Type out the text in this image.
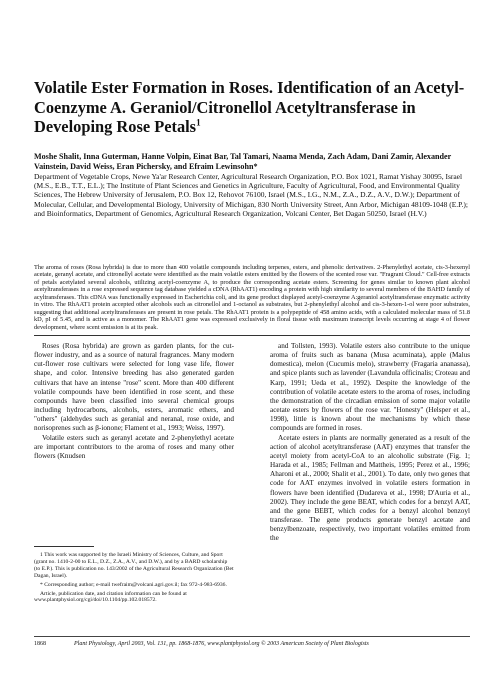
Volatile Ester Formation in Roses. Identification of an Acetyl-Coenzyme A. Geraniol/Citronellol Acetyltransferase in Developing Rose Petals$^1$
Moshe Shalit, Inna Guterman, Hanne Volpin, Einat Bar, Tal Tamari, Naama Menda, Zach Adam, Dani Zamir, Alexander Vainstein, David Weiss, Eran Pichersky, and Efraim Lewinsohn*
Department of Vegetable Crops, Newe Ya'ar Research Center, Agricultural Research Organization, P.O. Box 1021, Ramat Yishay 30095, Israel (M.S., E.B., T.T., E.L.); The Institute of Plant Sciences and Genetics in Agriculture, Faculty of Agricultural, Food, and Environmental Quality Sciences, The Hebrew University of Jerusalem, P.O. Box 12, Rehovot 76100, Israel (M.S., I.G., N.M., Z.A., D.Z., A.V., D.W.); Department of Molecular, Cellular, and Developmental Biology, University of Michigan, 830 North University Street, Ann Arbor, Michigan 48109-1048 (E.P.); and Bioinformatics, Department of Genomics, Agricultural Research Organization, Volcani Center, Bet Dagan 50250, Israel (H.V.)
The aroma of roses (Rosa hybrida) is due to more than 400 volatile compounds including terpenes, esters, and phenolic derivatives. 2-Phenylethyl acetate, cis-3-hexenyl acetate, geranyl acetate, and citronellyl acetate were identified as the main volatile esters emitted by the flowers of the scented rose var. "Fragrant Cloud." Cell-free extracts of petals acetylated several alcohols, utilizing acetyl-coenzyme A, to produce the corresponding acetate esters. Screening for genes similar to known plant alcohol acetyltransferases in a rose expressed sequence tag database yielded a cDNA (RhAAT1) encoding a protein with high similarity to several members of the BAHD family of acyltransferases. This cDNA was functionally expressed in Escherichia coli, and its gene product displayed acetyl-coenzyme A:geraniol acetyltransferase enzymatic activity in vitro. The RhAAT1 protein accepted other alcohols such as citronellol and 1-octanol as substrates, but 2-phenylethyl alcohol and cis-3-hexen-1-ol were poor substrates, suggesting that additional acetyltransferases are present in rose petals. The RhAAT1 protein is a polypeptide of 458 amino acids, with a calculated molecular mass of 51.8 kD, pI of 5.45, and is active as a monomer. The RhAAT1 gene was expressed exclusively in floral tissue with maximum transcript levels occurring at stage 4 of flower development, where scent emission is at its peak.

Roses (Rosa hybrida) are grown as garden plants, for the cut-flower industry, and as a source of natural fragrances. Many modern cut-flower rose cultivars were selected for long vase life, flower shape, and color. Intensive breeding has also generated garden cultivars that have an intense "rose" scent. More than 400 different volatile compounds have been identified in rose scent, and these compounds have been classified into several chemical groups including hydrocarbons, alcohols, esters, aromatic ethers, and "others" (aldehydes such as geranial and neranal, rose oxide, and norisoprenes such as β-ionone; Flament et al., 1993; Weiss, 1997).

Volatile esters such as geranyl acetate and 2-phenylethyl acetate are important contributors to the aroma of roses and many other flowers (Knudsen

and Tollsten, 1993). Volatile esters also contribute to the unique aroma of fruits such as banana (Musa acuminata), apple (Malus domestica), melon (Cucumis melo), strawberry (Fragaria ananassa), and spice plants such as lavender (Lavandula officinalis; Croteau and Karp, 1991; Ueda et al., 1992). Despite the knowledge of the contribution of volatile acetate esters to the aroma of roses, including the demonstration of the circadian emission of some major volatile acetate esters by flowers of the rose var. "Honesty" (Helsper et al., 1998), little is known about the mechanisms by which these compounds are formed in roses.

Acetate esters in plants are normally generated as a result of the action of alcohol acetyltransferase (AAT) enzymes that transfer the acetyl moiety from acetyl-CoA to an alcoholic substrate (Fig. 1; Harada et al., 1985; Fellman and Mattheis, 1995; Perez et al., 1996; Aharoni et al., 2000; Shalit et al., 2001). To date, only two genes that code for AAT enzymes involved in volatile esters formation in flowers have been identified (Dudareva et al., 1998; D'Auria et al., 2002). They include the gene BEAT, which codes for a benzyl AAT, and the gene BEBT, which codes for a benzyl alcohol benzoyl transferase. The gene products generate benzyl acetate and benzylbenzoate, respectively, two important volatiles emitted from the

1 This work was supported by the Israeli Ministry of Sciences, Culture, and Sport (grant no. 1410-2-00 to E.L., D.Z., Z.A., A.V., and D.W.), and by a BARD scholarship (to E.P.). This is publication no. 143/2002 of the Agricultural Research Organization (Bet Dagan, Israel).

* Corresponding author; e-mail twefraim@volcani.agri.gov.il; fax 972-4-983-6936.

Article, publication date, and citation information can be found at www.plantphysiol.org/cgi/doi/10.1104/pp.102.018572.

1868	Plant Physiology, April 2003, Vol. 131, pp. 1868-1876, www.plantphysiol.org © 2003 American Society of Plant Biologists
